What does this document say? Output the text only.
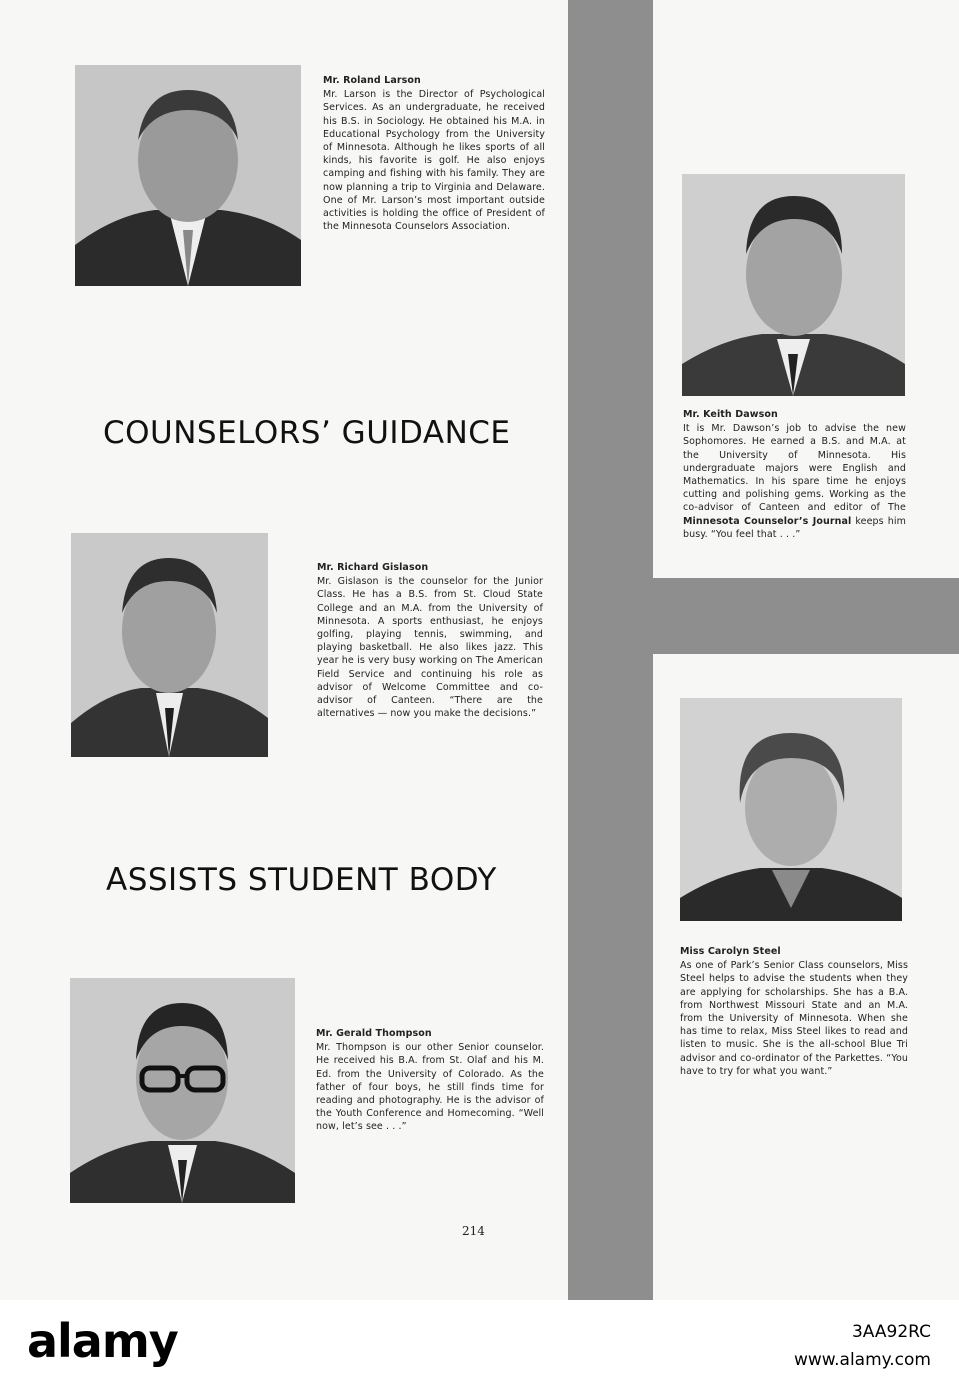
Mr. Roland Larson
Mr. Larson is the Director of Psychological Services. As an undergraduate, he received his B.S. in Sociology. He obtained his M.A. in Educational Psychology from the University of Minnesota. Although he likes sports of all kinds, his favorite is golf. He also enjoys camping and fishing with his family. They are now planning a trip to Virginia and Delaware. One of Mr. Larson’s most important outside activities is holding the office of President of the Minnesota Counselors Association.
Mr. Keith Dawson
It is Mr. Dawson’s job to advise the new Sophomores. He earned a B.S. and M.A. at the University of Minnesota. His undergraduate majors were English and Mathematics. In his spare time he enjoys cutting and polishing gems. Working as the co-advisor of Canteen and editor of The Minnesota Counselor’s Journal keeps him busy. “You feel that . . .”
COUNSELORS’ GUIDANCE
Mr. Richard Gislason
Mr. Gislason is the counselor for the Junior Class. He has a B.S. from St. Cloud State College and an M.A. from the University of Minnesota. A sports enthusiast, he enjoys golfing, playing tennis, swimming, and playing basketball. He also likes jazz. This year he is very busy working on The American Field Service and continuing his role as advisor of Welcome Committee and co-advisor of Canteen. “There are the alternatives — now you make the decisions.”
Miss Carolyn Steel
As one of Park’s Senior Class counselors, Miss Steel helps to advise the students when they are applying for scholarships. She has a B.A. from Northwest Missouri State and an M.A. from the University of Minnesota. When she has time to relax, Miss Steel likes to read and listen to music. She is the all-school Blue Tri advisor and co-ordinator of the Parkettes. “You have to try for what you want.”
ASSISTS STUDENT BODY
Mr. Gerald Thompson
Mr. Thompson is our other Senior counselor. He received his B.A. from St. Olaf and his M. Ed. from the University of Colorado. As the father of four boys, he still finds time for reading and photography. He is the advisor of the Youth Conference and Homecoming. “Well now, let’s see . . .”
214
alamy	3AA92RC
www.alamy.com
